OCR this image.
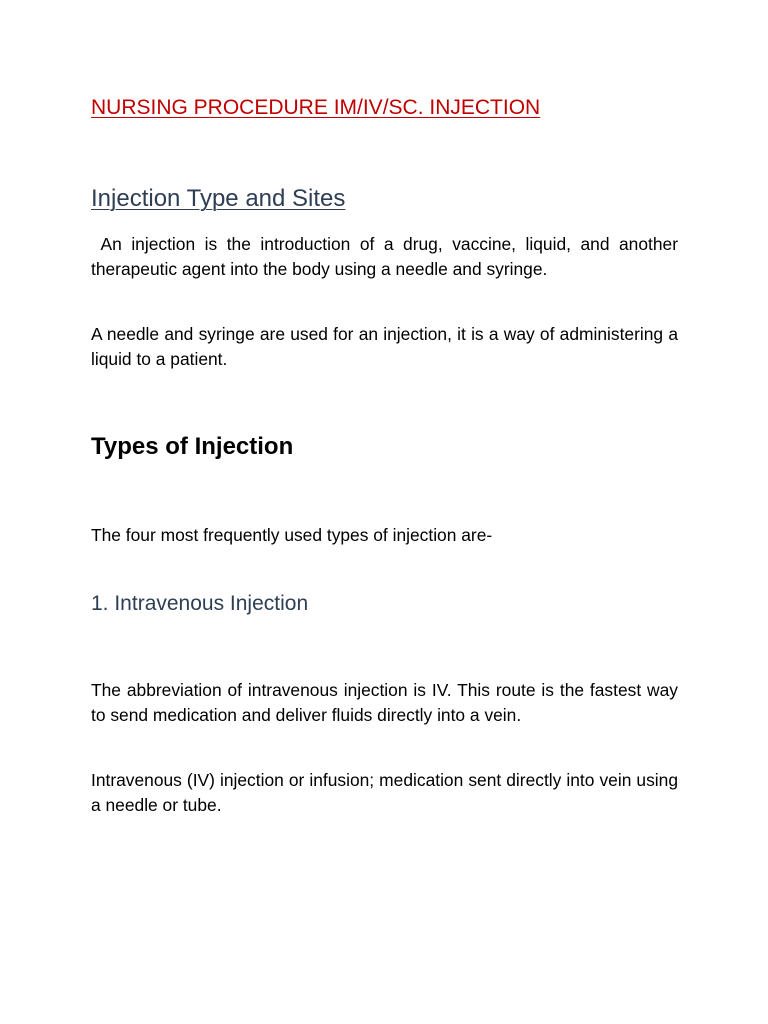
NURSING PROCEDURE IM/IV/SC. INJECTION
Injection Type and Sites

An injection is the introduction of a drug, vaccine, liquid, and another therapeutic agent into the body using a needle and syringe.

A needle and syringe are used for an injection, it is a way of administering a liquid to a patient.

Types of Injection

The four most frequently used types of injection are-

1. Intravenous Injection

The abbreviation of intravenous injection is IV. This route is the fastest way to send medication and deliver fluids directly into a vein.

Intravenous (IV) injection or infusion; medication sent directly into vein using a needle or tube.
